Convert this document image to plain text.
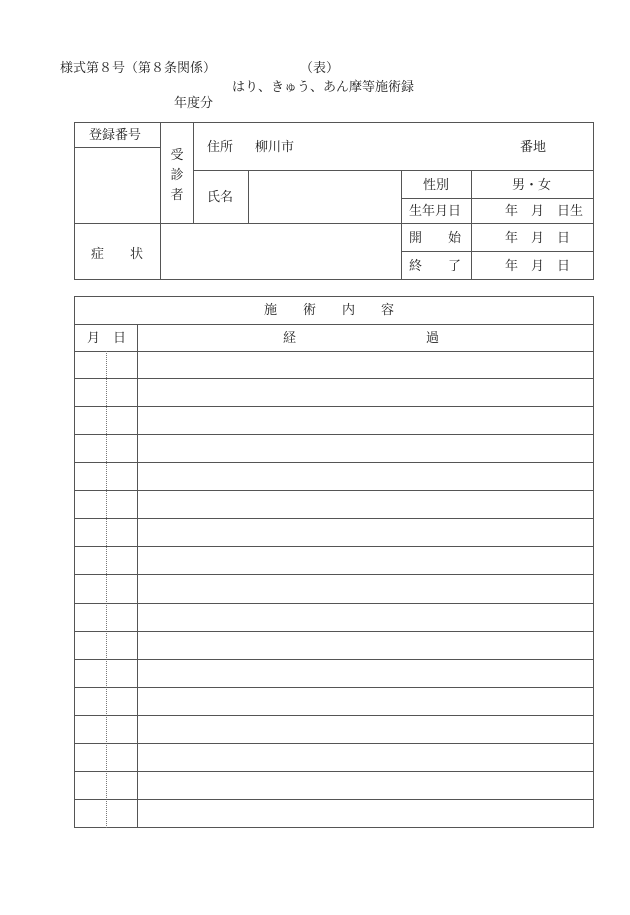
様式第８号（第８条関係）	（表）
はり、きゅう、あん摩等施術録
年度分
登録番号
受
診
者
住所 柳川市	番地
氏名
性別	男・女
生年月日	年　月　日生
症　　状
開　　始	年　月　日
終　　了	年　月　日
施　　術　　内　　容
月　日	経　　　　　　　　　　過
